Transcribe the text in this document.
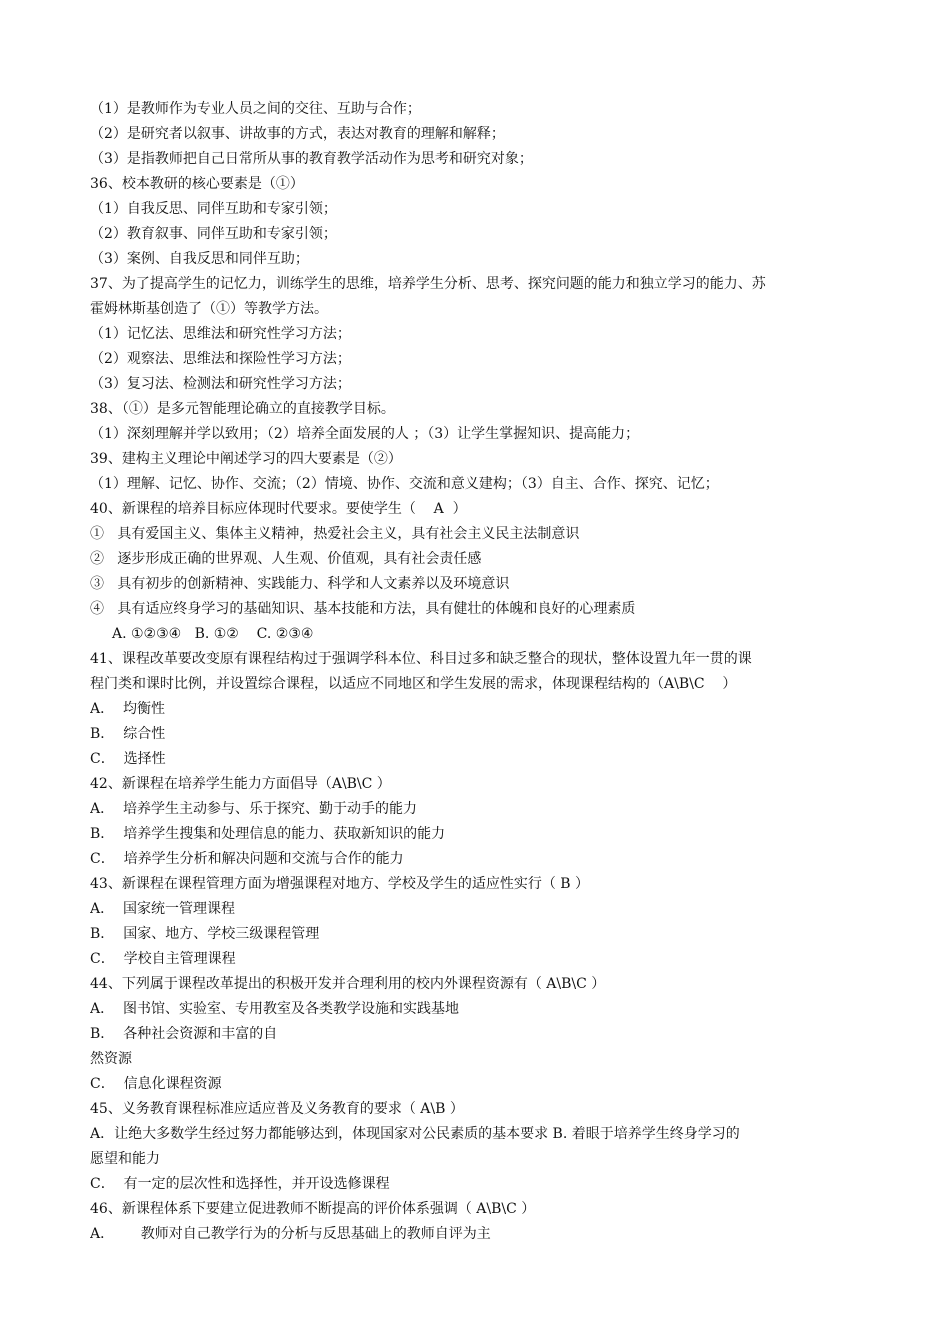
（1）是教师作为专业人员之间的交往、互助与合作；
（2）是研究者以叙事、讲故事的方式，表达对教育的理解和解释；
（3）是指教师把自己日常所从事的教育教学活动作为思考和研究对象；
36、校本教研的核心要素是（①）
（1）自我反思、同伴互助和专家引领；
（2）教育叙事、同伴互助和专家引领；
（3）案例、自我反思和同伴互助；
37、为了提高学生的记忆力，训练学生的思维，培养学生分析、思考、探究问题的能力和独立学习的能力、苏
霍姆林斯基创造了（①）等教学方法。
（1）记忆法、思维法和研究性学习方法；
（2）观察法、思维法和探险性学习方法；
（3）复习法、检测法和研究性学习方法；
38、（①）是多元智能理论确立的直接教学目标。
（1）深刻理解并学以致用；（2）培养全面发展的人 ；（3）让学生掌握知识、提高能力；
39、建构主义理论中阐述学习的四大要素是（②）
（1）理解、记忆、协作、交流；（2）情境、协作、交流和意义建构；（3）自主、合作、探究、记忆；
40、新课程的培养目标应体现时代要求。要使学生（    A  ）
①   具有爱国主义、集体主义精神，热爱社会主义，具有社会主义民主法制意识
②   逐步形成正确的世界观、人生观、价值观，具有社会责任感
③   具有初步的创新精神、实践能力、科学和人文素养以及环境意识
④   具有适应终身学习的基础知识、基本技能和方法，具有健壮的体魄和良好的心理素质
A. ①②③④   B. ①②    C. ②③④
41、课程改革要改变原有课程结构过于强调学科本位、科目过多和缺乏整合的现状，整体设置九年一贯的课
程门类和课时比例，并设置综合课程，以适应不同地区和学生发展的需求，体现课程结构的（A\B\C    ）
A．  均衡性
B．  综合性
C．  选择性
42、新课程在培养学生能力方面倡导（A\B\C ）
A．  培养学生主动参与、乐于探究、勤于动手的能力
B．  培养学生搜集和处理信息的能力、获取新知识的能力
C．  培养学生分析和解决问题和交流与合作的能力
43、新课程在课程管理方面为增强课程对地方、学校及学生的适应性实行（ B ）
A．  国家统一管理课程
B．  国家、地方、学校三级课程管理
C．  学校自主管理课程
44、下列属于课程改革提出的积极开发并合理利用的校内外课程资源有（ A\B\C ）
A．  图书馆、实验室、专用教室及各类教学设施和实践基地
B．  各种社会资源和丰富的自
然资源
C．  信息化课程资源
45、义务教育课程标准应适应普及义务教育的要求（ A\B ）
A．让绝大多数学生经过努力都能够达到，体现国家对公民素质的基本要求 B. 着眼于培养学生终身学习的
愿望和能力
C．  有一定的层次性和选择性，并开设选修课程
46、新课程体系下要建立促进教师不断提高的评价体系强调（ A\B\C ）
A．      教师对自己教学行为的分析与反思基础上的教师自评为主
